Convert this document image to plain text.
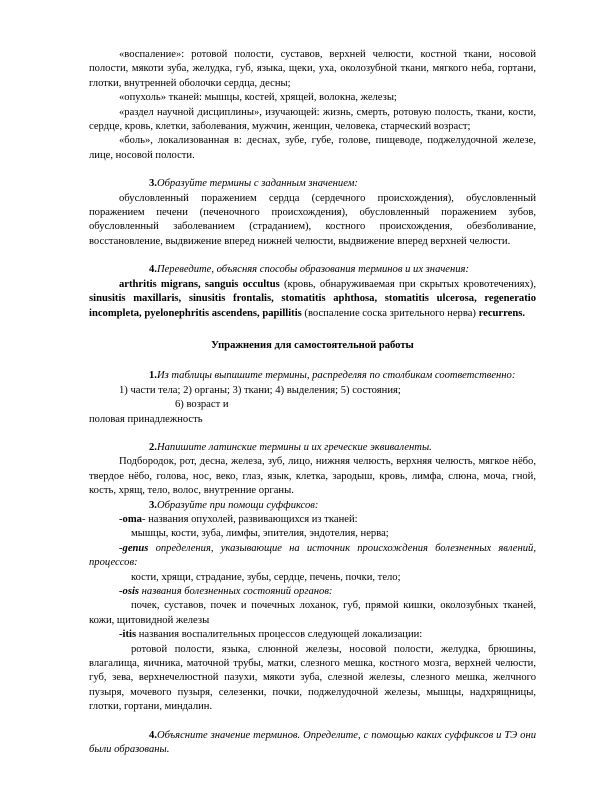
«воспаление»: ротовой полости, суставов, верхней челюсти, костной ткани, носовой полости, мякоти зуба, желудка, губ, языка, щеки, уха, околозубной ткани, мягкого неба, гортани, глотки, внутренней оболочки сердца, десны;

«опухоль» тканей: мышцы, костей, хрящей, волокна, железы;

«раздел научной дисциплины», изучающей: жизнь, смерть, ротовую полость, ткани, кости, сердце, кровь, клетки, заболевания, мужчин, женщин, человека, старческий возраст;

«боль», локализованная в: деснах, зубе, губе, голове, пищеводе, поджелудочной железе, лице, носовой полости.

3.Образуйте термины с заданным значением:

обусловленный поражением сердца (сердечного происхождения), обусловленный поражением печени (печеночного происхождения), обусловленный поражением зубов, обусловленный заболеванием (страданием), костного происхождения, обезболивание, восстановление, выдвижение вперед нижней челюсти, выдвижение вперед верхней челюсти.

4.Переведите, объясняя способы образования терминов и их значения:

arthritis migrans, sanguis occultus (кровь, обнаруживаемая при скрытых кровотечениях), sinusitis maxillaris, sinusitis frontalis, stomatitis aphthosa, stomatitis ulcerosa, regeneratio incompleta, pyelonephritis ascendens, papillitis (воспаление соска зрительного нерва) recurrens.

Упражнения для самостоятельной работы

1.Из таблицы выпишите термины, распределяя по столбикам соответственно:

1) части тела; 2) органы; 3) ткани; 4) выделения; 5) состояния;6) возраст и

половая принадлежность

2.Напишите латинские термины и их греческие эквиваленты.

Подбородок, рот, десна, железа, зуб, лицо, нижняя челюсть, верхняя челюсть, мягкое нёбо, твердое нёбо, голова, нос, веко, глаз, язык, клетка, зародыш, кровь, лимфа, слюна, моча, гной, кость, хрящ, тело, волос, внутренние органы.

3.Образуйте при помощи суффиксов:

-oma- названия опухолей, развивающихся из тканей:

мышцы, кости, зуба, лимфы, эпителия, эндотелия, нерва;

-genus определения, указывающие на источник происхождения болезненных явлений, процессов:

кости, хрящи, страдание, зубы, сердце, печень, почки, тело;

-osis названия болезненных состояний органов:

почек, суставов, почек и почечных лоханок, губ, прямой кишки, околозубных тканей, кожи, щитовидной железы

-itis названия воспалительных процессов следующей локализации:

ротовой полости, языка, слюнной железы, носовой полости, желудка, брюшины, влагалища, яичника, маточной трубы, матки, слезного мешка, костного мозга, верхней челюсти, губ, зева, верхнечелюстной пазухи, мякоти зуба, слезной железы, слезного мешка, желчного пузыря, мочевого пузыря, селезенки, почки, поджелудочной железы, мышцы, надхрящницы, глотки, гортани, миндалин.

4.Объясните значение терминов. Определите, с помощью каких суффиксов и ТЭ они были образованы.
